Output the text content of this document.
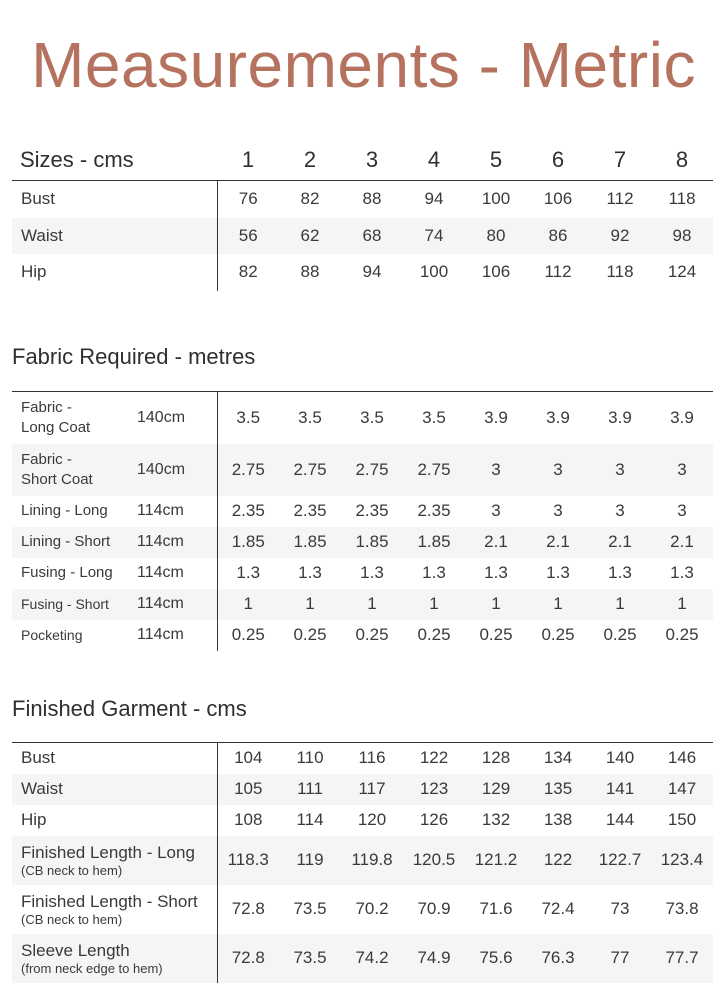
Measurements - Metric
Sizes - cms	1	2	3	4	5	6	7	8
Bust	76	82	88	94	100	106	112	118
Waist	56	62	68	74	80	86	92	98
Hip	82	88	94	100	106	112	118	124
Fabric Required - metres
Fabric -
Long Coat	140cm	3.5	3.5	3.5	3.5	3.9	3.9	3.9	3.9
Fabric -
Short Coat	140cm	2.75	2.75	2.75	2.75	3	3	3	3
Lining - Long	114cm	2.35	2.35	2.35	2.35	3	3	3	3
Lining - Short	114cm	1.85	1.85	1.85	1.85	2.1	2.1	2.1	2.1
Fusing - Long	114cm	1.3	1.3	1.3	1.3	1.3	1.3	1.3	1.3
Fusing - Short	114cm	1	1	1	1	1	1	1	1
Pocketing	114cm	0.25	0.25	0.25	0.25	0.25	0.25	0.25	0.25
Finished Garment - cms
Bust	104	110	116	122	128	134	140	146
Waist	105	111	117	123	129	135	141	147
Hip	108	114	120	126	132	138	144	150
Finished Length - Long
(CB neck to hem)	118.3	119	119.8	120.5	121.2	122	122.7	123.4
Finished Length - Short
(CB neck to hem)	72.8	73.5	70.2	70.9	71.6	72.4	73	73.8
Sleeve Length
(from neck edge to hem)	72.8	73.5	74.2	74.9	75.6	76.3	77	77.7
